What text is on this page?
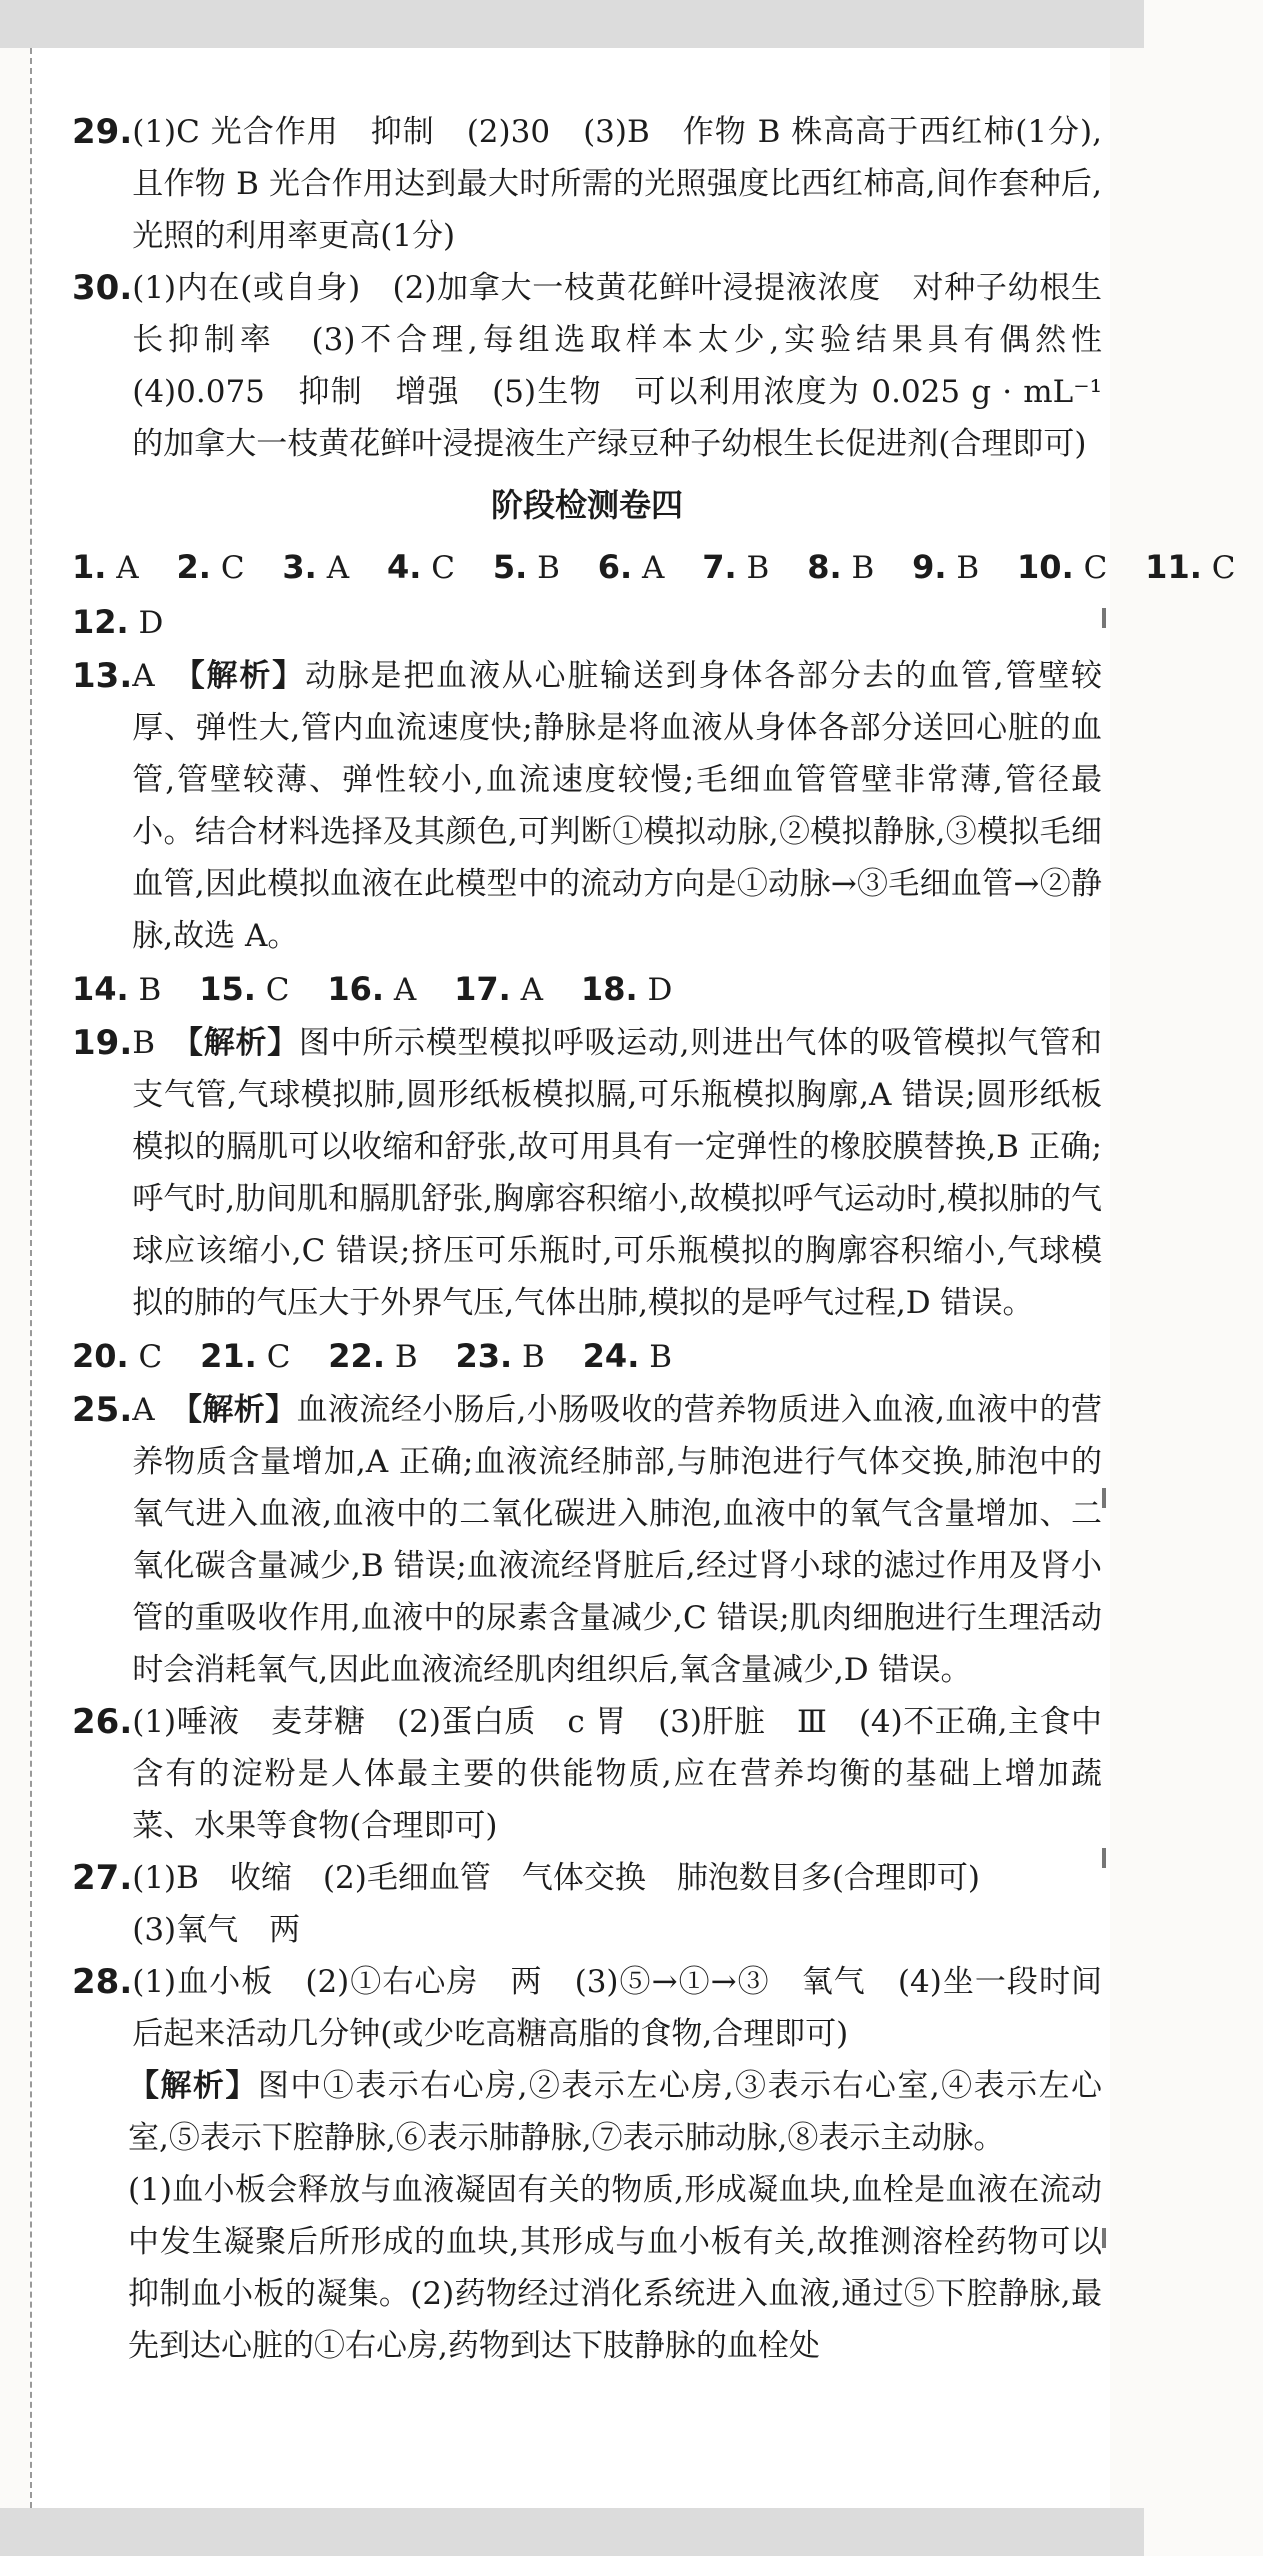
29. (1)C 光合作用　抑制　(2)30　(3)B　作物 B 株高高于西红柿(1分),且作物 B 光合作用达到最大时所需的光照强度比西红柿高,间作套种后,光照的利用率更高(1分)
30. (1)内在(或自身)　(2)加拿大一枝黄花鲜叶浸提液浓度　对种子幼根生长抑制率　(3)不合理,每组选取样本太少,实验结果具有偶然性　(4)0.075　抑制　增强　(5)生物　可以利用浓度为 0.025 g · mL⁻¹ 的加拿大一枝黄花鲜叶浸提液生产绿豆种子幼根生长促进剂(合理即可)
阶段检测卷四
1. A 2. C 3. A 4. C 5. B 6. A 7. B 8. B 9. B 10. C 11. C
12. D
13. A　 【解析】动脉是把血液从心脏输送到身体各部分去的血管,管壁较厚、弹性大,管内血流速度快;静脉是将血液从身体各部分送回心脏的血管,管壁较薄、弹性较小,血流速度较慢;毛细血管管壁非常薄,管径最小。结合材料选择及其颜色,可判断①模拟动脉,②模拟静脉,③模拟毛细血管,因此模拟血液在此模型中的流动方向是①动脉→③毛细血管→②静脉,故选 A。
14. B 15. C 16. A 17. A 18. D
19. B　 【解析】图中所示模型模拟呼吸运动,则进出气体的吸管模拟气管和支气管,气球模拟肺,圆形纸板模拟膈,可乐瓶模拟胸廓,A 错误;圆形纸板模拟的膈肌可以收缩和舒张,故可用具有一定弹性的橡胶膜替换,B 正确;呼气时,肋间肌和膈肌舒张,胸廓容积缩小,故模拟呼气运动时,模拟肺的气球应该缩小,C 错误;挤压可乐瓶时,可乐瓶模拟的胸廓容积缩小,气球模拟的肺的气压大于外界气压,气体出肺,模拟的是呼气过程,D 错误。
20. C 21. C 22. B 23. B 24. B
25. A　 【解析】血液流经小肠后,小肠吸收的营养物质进入血液,血液中的营养物质含量增加,A 正确;血液流经肺部,与肺泡进行气体交换,肺泡中的氧气进入血液,血液中的二氧化碳进入肺泡,血液中的氧气含量增加、二氧化碳含量减少,B 错误;血液流经肾脏后,经过肾小球的滤过作用及肾小管的重吸收作用,血液中的尿素含量减少,C 错误;肌肉细胞进行生理活动时会消耗氧气,因此血液流经肌肉组织后,氧含量减少,D 错误。
26. (1)唾液　麦芽糖　(2)蛋白质　c 胃　(3)肝脏　Ⅲ　(4)不正确,主食中含有的淀粉是人体最主要的供能物质,应在营养均衡的基础上增加蔬菜、水果等食物(合理即可)
27. (1)B　收缩　(2)毛细血管　气体交换　肺泡数目多(合理即可)
(3)氧气　两
28. (1)血小板　(2)①右心房　两　(3)⑤→①→③　氧气　(4)坐一段时间后起来活动几分钟(或少吃高糖高脂的食物,合理即可)
【解析】图中①表示右心房,②表示左心房,③表示右心室,④表示左心室,⑤表示下腔静脉,⑥表示肺静脉,⑦表示肺动脉,⑧表示主动脉。
(1)血小板会释放与血液凝固有关的物质,形成凝血块,血栓是血液在流动中发生凝聚后所形成的血块,其形成与血小板有关,故推测溶栓药物可以抑制血小板的凝集。(2)药物经过消化系统进入血液,通过⑤下腔静脉,最先到达心脏的①右心房,药物到达下肢静脉的血栓处
